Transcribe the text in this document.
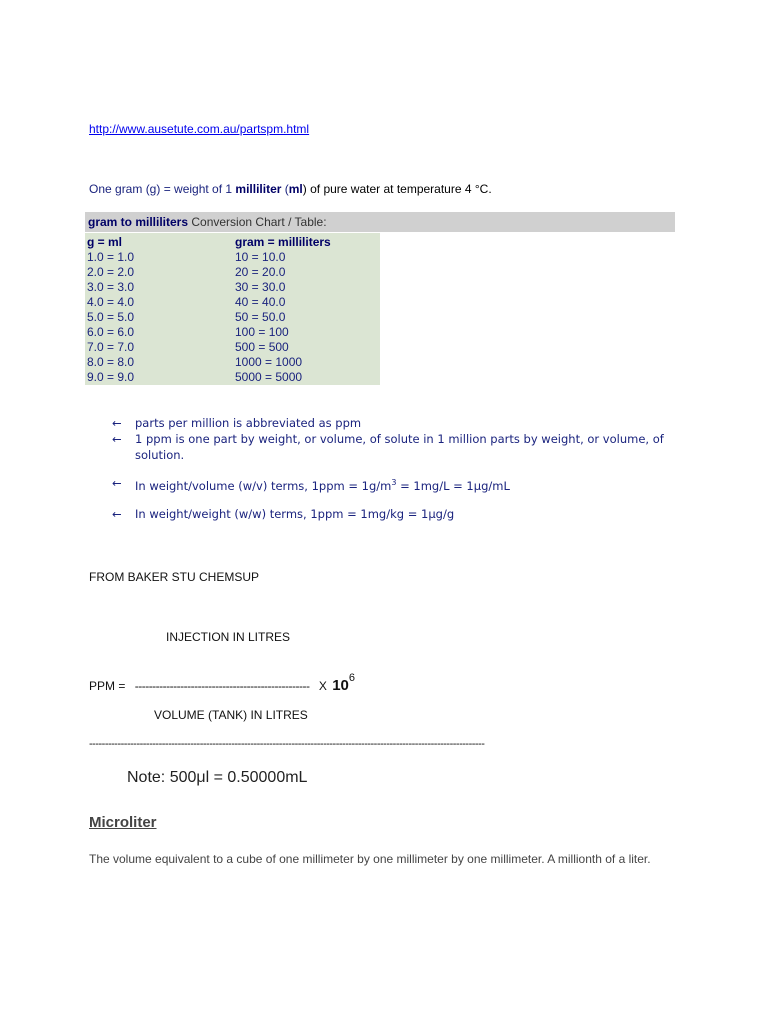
http://www.ausetute.com.au/partspm.html
One gram (g) = weight of 1 milliliter (ml) of pure water at temperature 4 °C.
gram to milliliters Conversion Chart / Table:
g = ml
1.0 = 1.0
2.0 = 2.0
3.0 = 3.0
4.0 = 4.0
5.0 = 5.0
6.0 = 6.0
7.0 = 7.0
8.0 = 8.0
9.0 = 9.0
gram = milliliters
10 = 10.0
20 = 20.0
30 = 30.0
40 = 40.0
50 = 50.0
100 = 100
500 = 500
1000 = 1000
5000 = 5000
← parts per million is abbreviated as ppm
← 1 ppm is one part by weight, or volume, of solute in 1 million parts by weight, or volume, of solution.
← In weight/volume (w/v) terms, $1ppm = 1g/m^3 = 1mg/L = 1\mu g/mL$
← In weight/weight (w/w) terms, 1ppm = 1mg/kg = 1μg/g
FROM BAKER STU CHEMSUP
INJECTION IN LITRES
PPM = -------------------------------------------------- X 106
VOLUME (TANK) IN LITRES
-----------------------------------------------------------------------------------------------------------------------------
Note: 500μl = 0.50000mL
Microliter
The volume equivalent to a cube of one millimeter by one millimeter by one millimeter. A millionth of a liter.
